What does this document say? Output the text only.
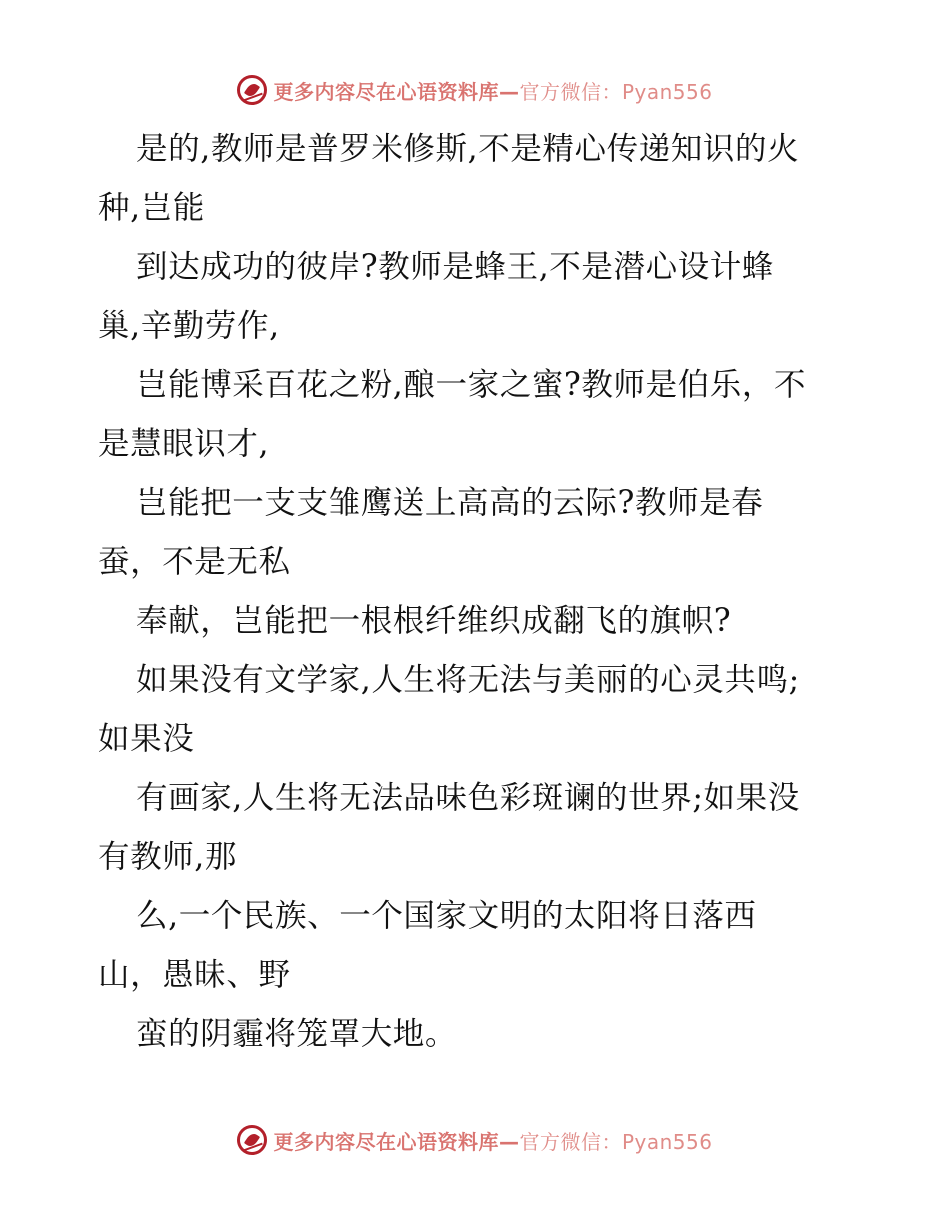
更多内容尽在心语资料库—官方微信：Pyan556
是的,教师是普罗米修斯,不是精心传递知识的火
种,岂能
到达成功的彼岸?教师是蜂王,不是潜心设计蜂
巢,辛勤劳作,
岂能博采百花之粉,酿一家之蜜?教师是伯乐，不
是慧眼识才,
岂能把一支支雏鹰送上高高的云际?教师是春
蚕，不是无私
奉献，岂能把一根根纤维织成翻飞的旗帜?
如果没有文学家,人生将无法与美丽的心灵共鸣;
如果没
有画家,人生将无法品味色彩斑谰的世界;如果没
有教师,那
么,一个民族、一个国家文明的太阳将日落西
山，愚昧、野
蛮的阴霾将笼罩大地。
更多内容尽在心语资料库—官方微信：Pyan556
